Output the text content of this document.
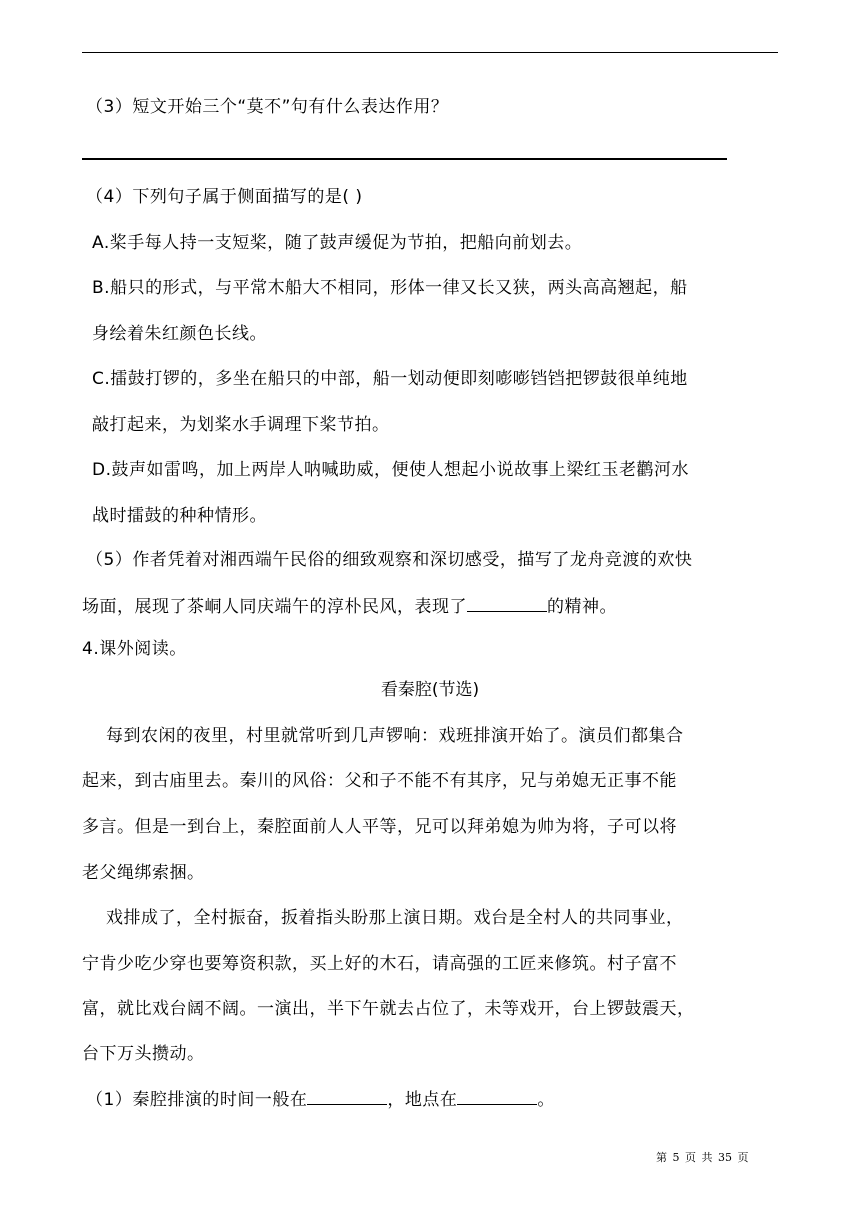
（3）短文开始三个“莫不”句有什么表达作用？
（4）下列句子属于侧面描写的是( )
A.桨手每人持一支短桨，随了鼓声缓促为节拍，把船向前划去。
B.船只的形式，与平常木船大不相同，形体一律又长又狭，两头高高翘起，船
身绘着朱红颜色长线。
C.擂鼓打锣的，多坐在船只的中部，船一划动便即刻嘭嘭铛铛把锣鼓很单纯地
敲打起来，为划桨水手调理下桨节拍。
D.鼓声如雷鸣，加上两岸人呐喊助威，便使人想起小说故事上梁红玉老鹳河水
战时擂鼓的种种情形。
（5）作者凭着对湘西端午民俗的细致观察和深切感受，描写了龙舟竞渡的欢快
场面，展现了茶峒人同庆端午的淳朴民风，表现了	的精神。
4.课外阅读。
看秦腔(节选)
每到农闲的夜里，村里就常听到几声锣响：戏班排演开始了。演员们都集合
起来，到古庙里去。秦川的风俗：父和子不能不有其序，兄与弟媳无正事不能
多言。但是一到台上，秦腔面前人人平等，兄可以拜弟媳为帅为将，子可以将
老父绳绑索捆。
戏排成了，全村振奋，扳着指头盼那上演日期。戏台是全村人的共同事业，
宁肯少吃少穿也要筹资积款，买上好的木石，请高强的工匠来修筑。村子富不
富，就比戏台阔不阔。一演出，半下午就去占位了，未等戏开，台上锣鼓震天，
台下万头攒动。
（1）秦腔排演的时间一般在	，地点在	。
第 5 页 共 35 页
